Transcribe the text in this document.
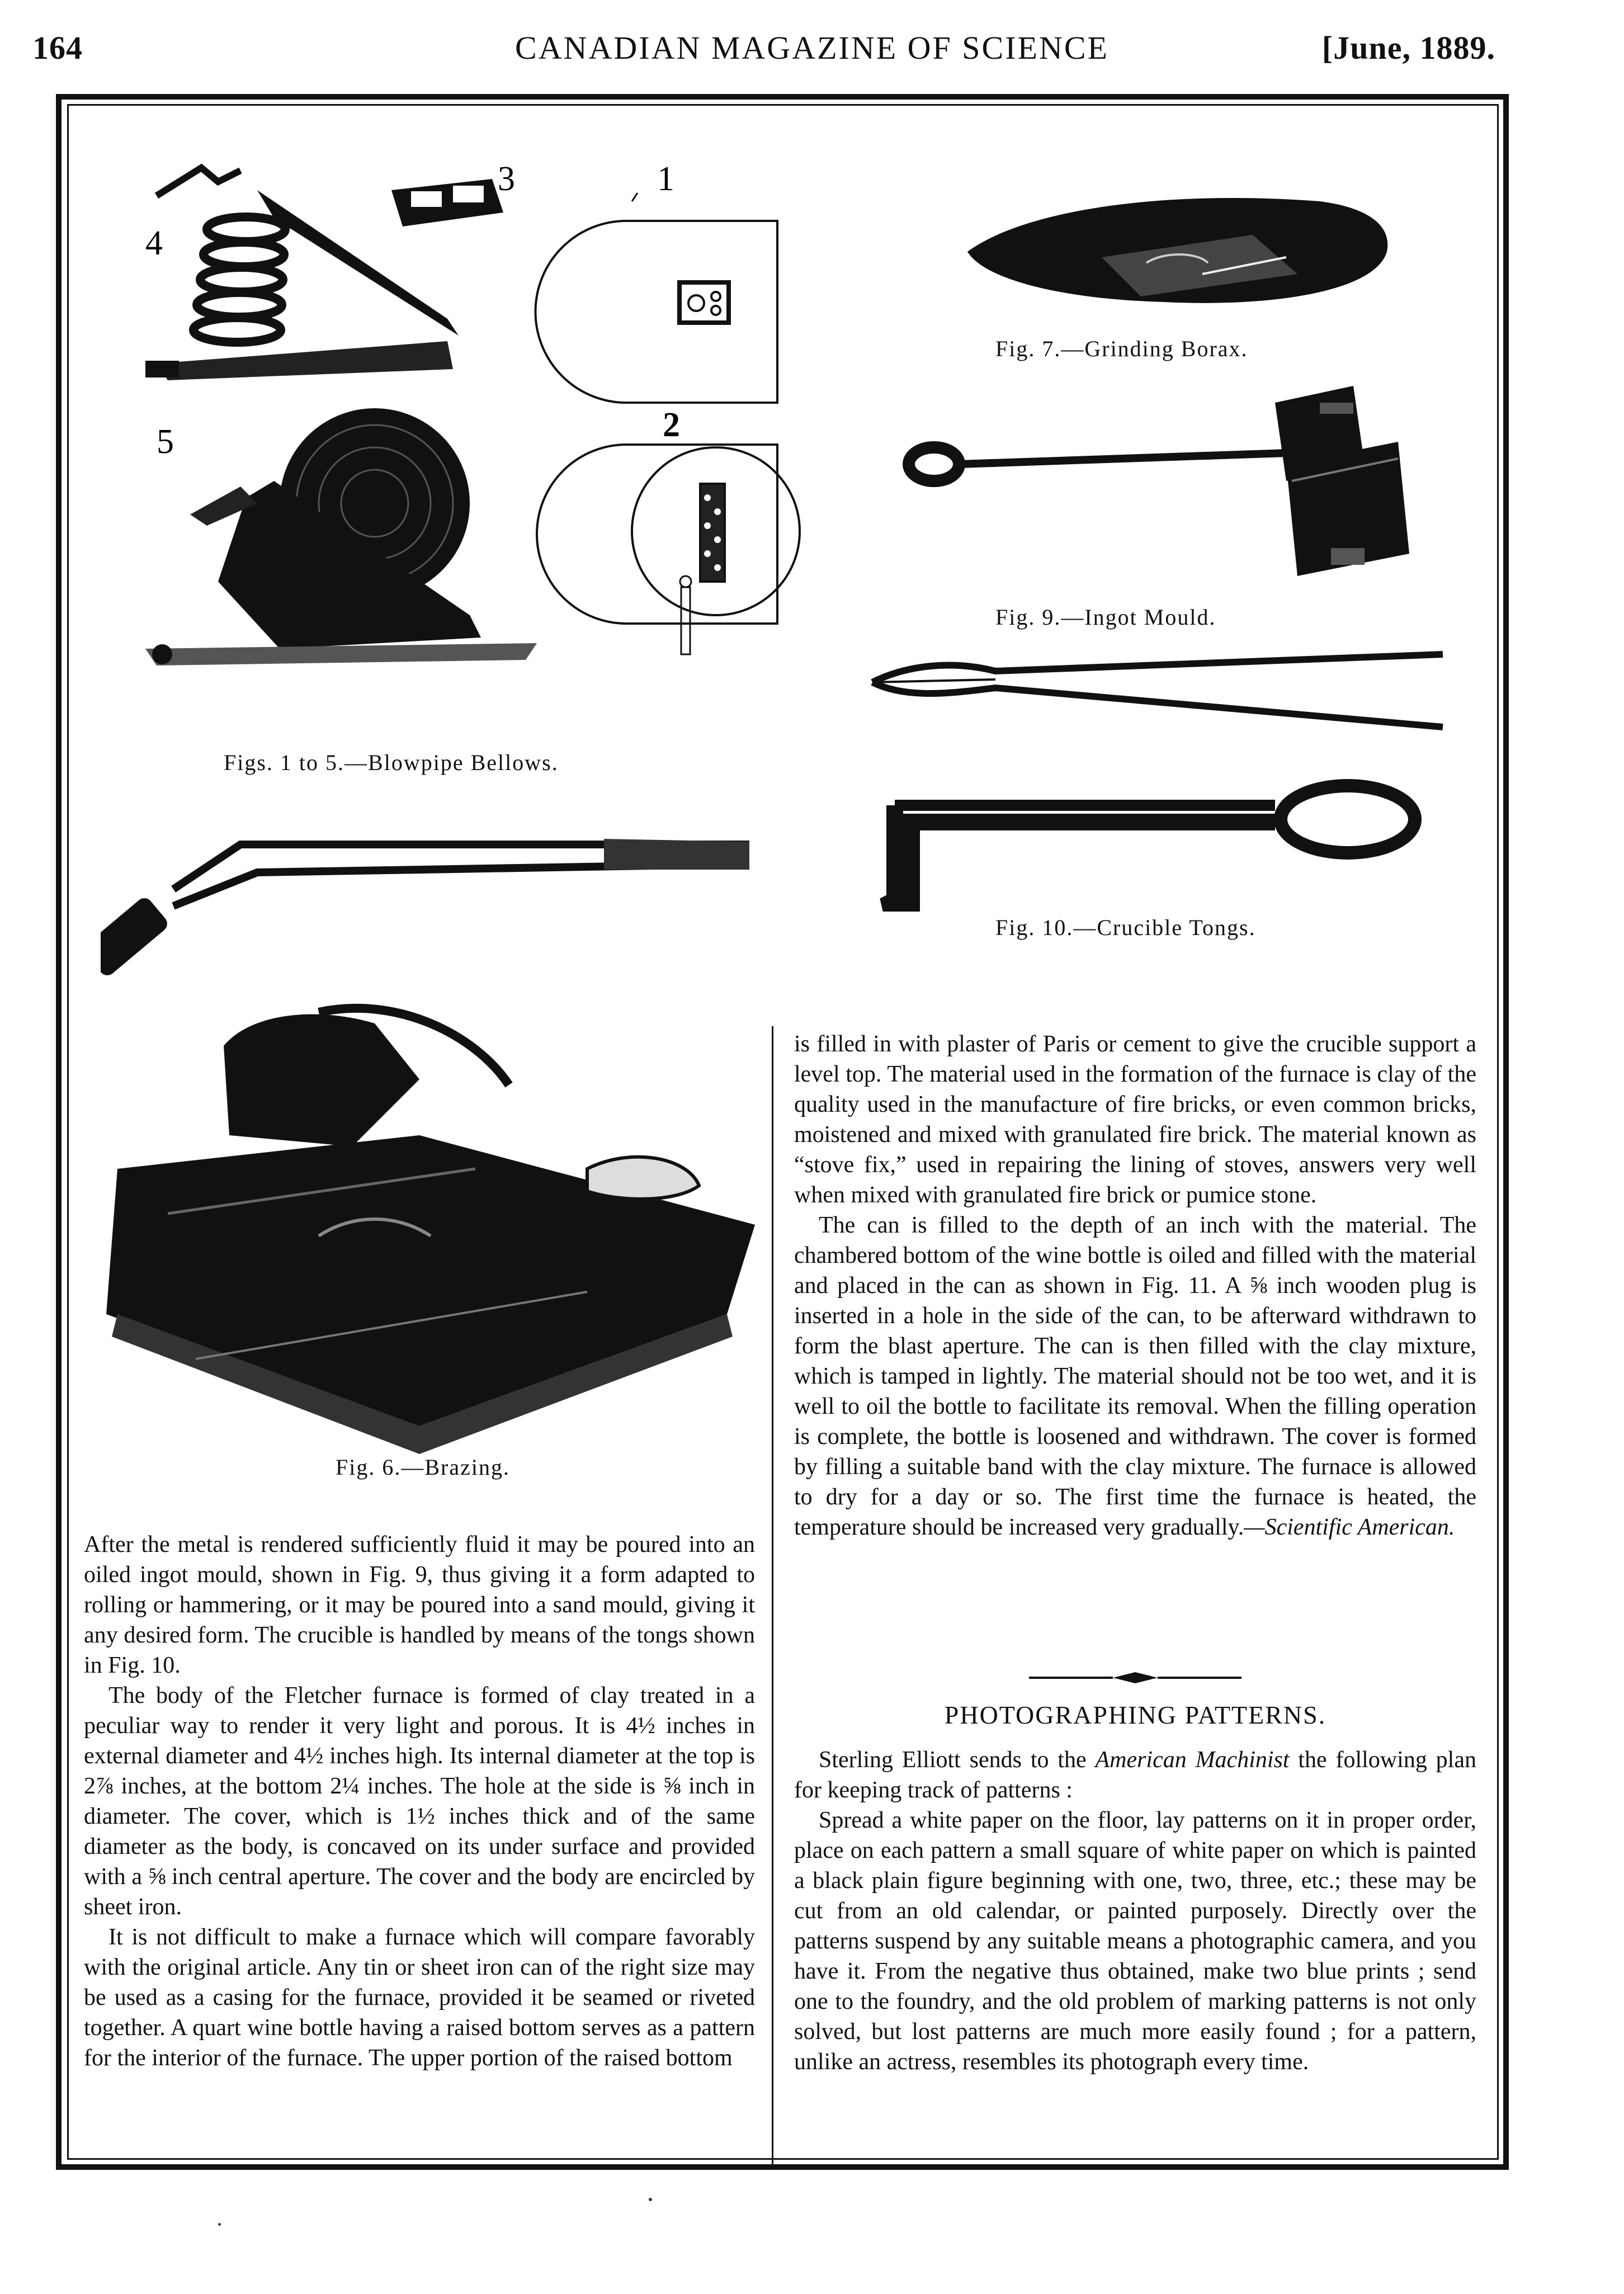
164	CANADIAN MAGAZINE OF SCIENCE	[June, 1889.
4
3	1
5	2
Fig. 7.—Grinding Borax.
Fig. 9.—Ingot Mould.
Fig. 10.—Crucible Tongs.
Figs. 1 to 5.—Blowpipe Bellows.
Fig. 6.—Brazing.

After the metal is rendered sufficiently fluid it may be poured into an oiled ingot mould, shown in Fig. 9, thus giving it a form adapted to rolling or hammering, or it may be poured into a sand mould, giving it any desired form. The crucible is handled by means of the tongs shown in Fig. 10.

The body of the Fletcher furnace is formed of clay treated in a peculiar way to render it very light and porous. It is 4½ inches in external diameter and 4½ inches high. Its internal diameter at the top is 2⅞ inches, at the bottom 2¼ inches. The hole at the side is ⅝ inch in diameter. The cover, which is 1½ inches thick and of the same diameter as the body, is concaved on its under surface and provided with a ⅝ inch central aperture. The cover and the body are encircled by sheet iron.

It is not difficult to make a furnace which will compare favorably with the original article. Any tin or sheet iron can of the right size may be used as a casing for the furnace, provided it be seamed or riveted together. A quart wine bottle having a raised bottom serves as a pattern for the interior of the furnace. The upper portion of the raised bottom

is filled in with plaster of Paris or cement to give the crucible support a level top. The material used in the formation of the furnace is clay of the quality used in the manufacture of fire bricks, or even common bricks, moistened and mixed with granulated fire brick. The material known as “stove fix,” used in repairing the lining of stoves, answers very well when mixed with granulated fire brick or pumice stone.

The can is filled to the depth of an inch with the material. The chambered bottom of the wine bottle is oiled and filled with the material and placed in the can as shown in Fig. 11. A ⅝ inch wooden plug is inserted in a hole in the side of the can, to be afterward withdrawn to form the blast aperture. The can is then filled with the clay mixture, which is tamped in lightly. The material should not be too wet, and it is well to oil the bottle to facilitate its removal. When the filling operation is complete, the bottle is loosened and withdrawn. The cover is formed by filling a suitable band with the clay mixture. The furnace is allowed to dry for a day or so. The first time the furnace is heated, the temperature should be increased very gradually.—Scientific American.

PHOTOGRAPHING PATTERNS.

Sterling Elliott sends to the American Machinist the following plan for keeping track of patterns :

Spread a white paper on the floor, lay patterns on it in proper order, place on each pattern a small square of white paper on which is painted a black plain figure beginning with one, two, three, etc.; these may be cut from an old calendar, or painted purposely. Directly over the patterns suspend by any suitable means a photographic camera, and you have it. From the negative thus obtained, make two blue prints ; send one to the foundry, and the old problem of marking patterns is not only solved, but lost patterns are much more easily found ; for a pattern, unlike an actress, resembles its photograph every time.
